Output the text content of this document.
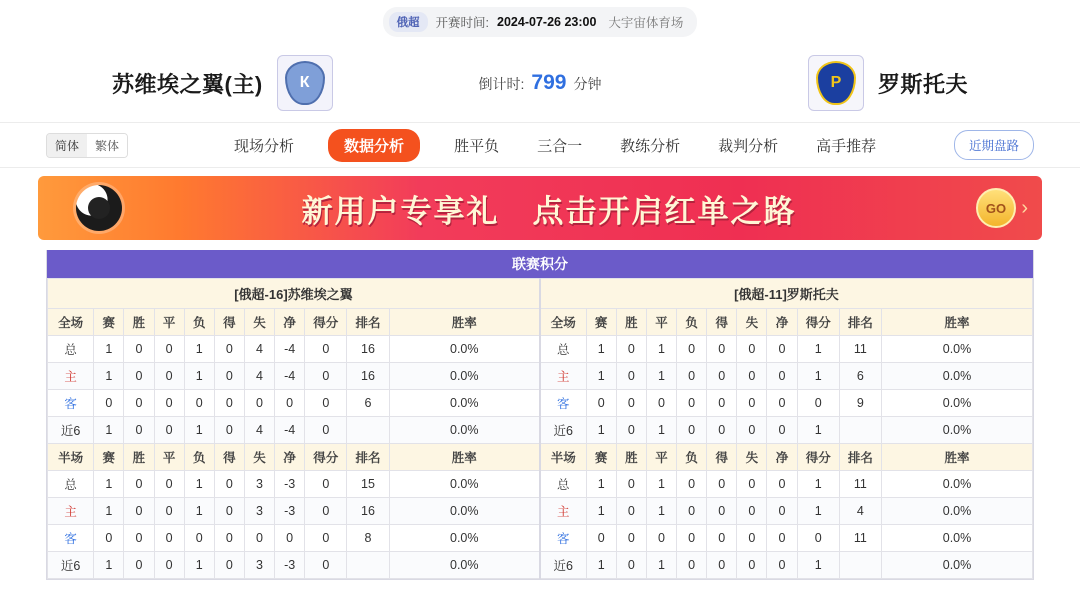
俄超	开赛时间: 2024-07-26 23:00 大宇宙体育场
苏维埃之翼(主)	К	倒计时: 799 分钟	Р	罗斯托夫
简体	繁体	现场分析	数据分析	胜平负	三合一	教练分析	裁判分析	高手推荐	近期盘路
新用户专享礼　点击开启红单之路	GO ›
联赛积分
[俄超-16]苏维埃之翼											[俄超-11]罗斯托夫										
全场	赛	胜	平	负	得	失	净	得分	排名	胜率	全场	赛	胜	平	负	得	失	净	得分	排名	胜率
总	1	0	0	1	0	4	-4	0	16	0.0%	总	1	0	1	0	0	0	0	1	11	0.0%
主	1	0	0	1	0	4	-4	0	16	0.0%	主	1	0	1	0	0	0	0	1	6	0.0%
客	0	0	0	0	0	0	0	0	6	0.0%	客	0	0	0	0	0	0	0	0	9	0.0%
近6	1	0	0	1	0	4	-4	0		0.0%	近6	1	0	1	0	0	0	0	1		0.0%
半场	赛	胜	平	负	得	失	净	得分	排名	胜率	半场	赛	胜	平	负	得	失	净	得分	排名	胜率
总	1	0	0	1	0	3	-3	0	15	0.0%	总	1	0	1	0	0	0	0	1	11	0.0%
主	1	0	0	1	0	3	-3	0	16	0.0%	主	1	0	1	0	0	0	0	1	4	0.0%
客	0	0	0	0	0	0	0	0	8	0.0%	客	0	0	0	0	0	0	0	0	11	0.0%
近6	1	0	0	1	0	3	-3	0		0.0%	近6	1	0	1	0	0	0	0	1		0.0%
